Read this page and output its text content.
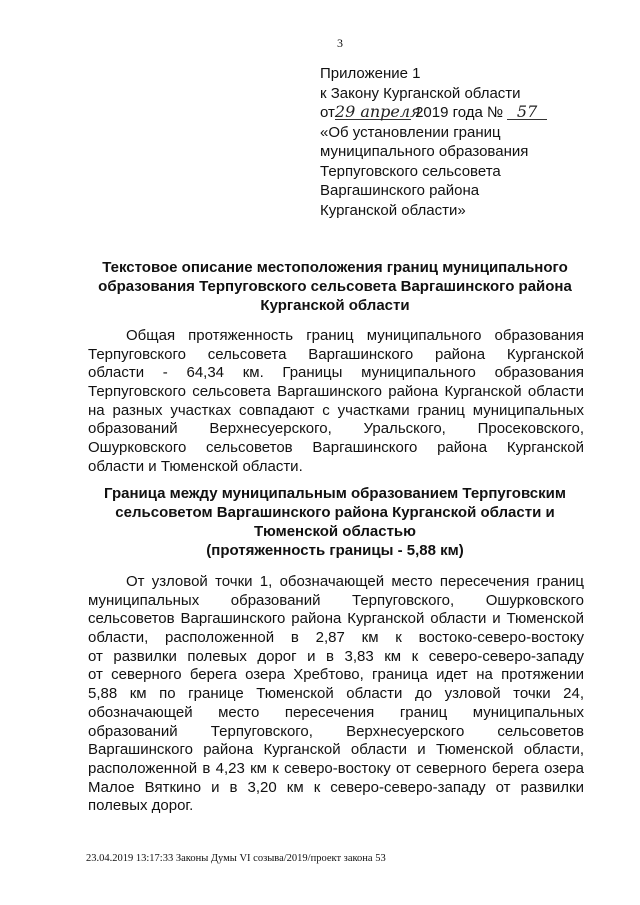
3
Приложение 1
к Закону Курганской области
от29 апреля 2019 года № 57
«Об установлении границ
муниципального образования
Терпуговского сельсовета
Варгашинского района
Курганской области»
Текстовое описание местоположения границ муниципального
образования Терпуговского сельсовета Варгашинского района
Курганской области
Общая протяженность границ муниципального образования
Терпуговского сельсовета Варгашинского района Курганской
области - 64,34 км. Границы муниципального образования
Терпуговского сельсовета Варгашинского района Курганской области
на разных участках совпадают с участками границ муниципальных
образований Верхнесуерского, Уральского, Просековского,
Ошурковского сельсоветов Варгашинского района Курганской
области и Тюменской области.
Граница между муниципальным образованием Терпуговским
сельсоветом Варгашинского района Курганской области и
Тюменской областью
(протяженность границы - 5,88 км)
От узловой точки 1, обозначающей место пересечения границ
муниципальных образований Терпуговского, Ошурковского
сельсоветов Варгашинского района Курганской области и Тюменской
области, расположенной в 2,87 км к востоко-северо-востоку
от развилки полевых дорог и в 3,83 км к северо-северо-западу
от северного берега озера Хребтово, граница идет на протяжении
5,88 км по границе Тюменской области до узловой точки 24,
обозначающей место пересечения границ муниципальных
образований Терпуговского, Верхнесуерского сельсоветов
Варгашинского района Курганской области и Тюменской области,
расположенной в 4,23 км к северо-востоку от северного берега озера
Малое Вяткино и в 3,20 км к северо-северо-западу от развилки
полевых дорог.
23.04.2019 13:17:33 Законы Думы VI созыва/2019/проект закона 53
